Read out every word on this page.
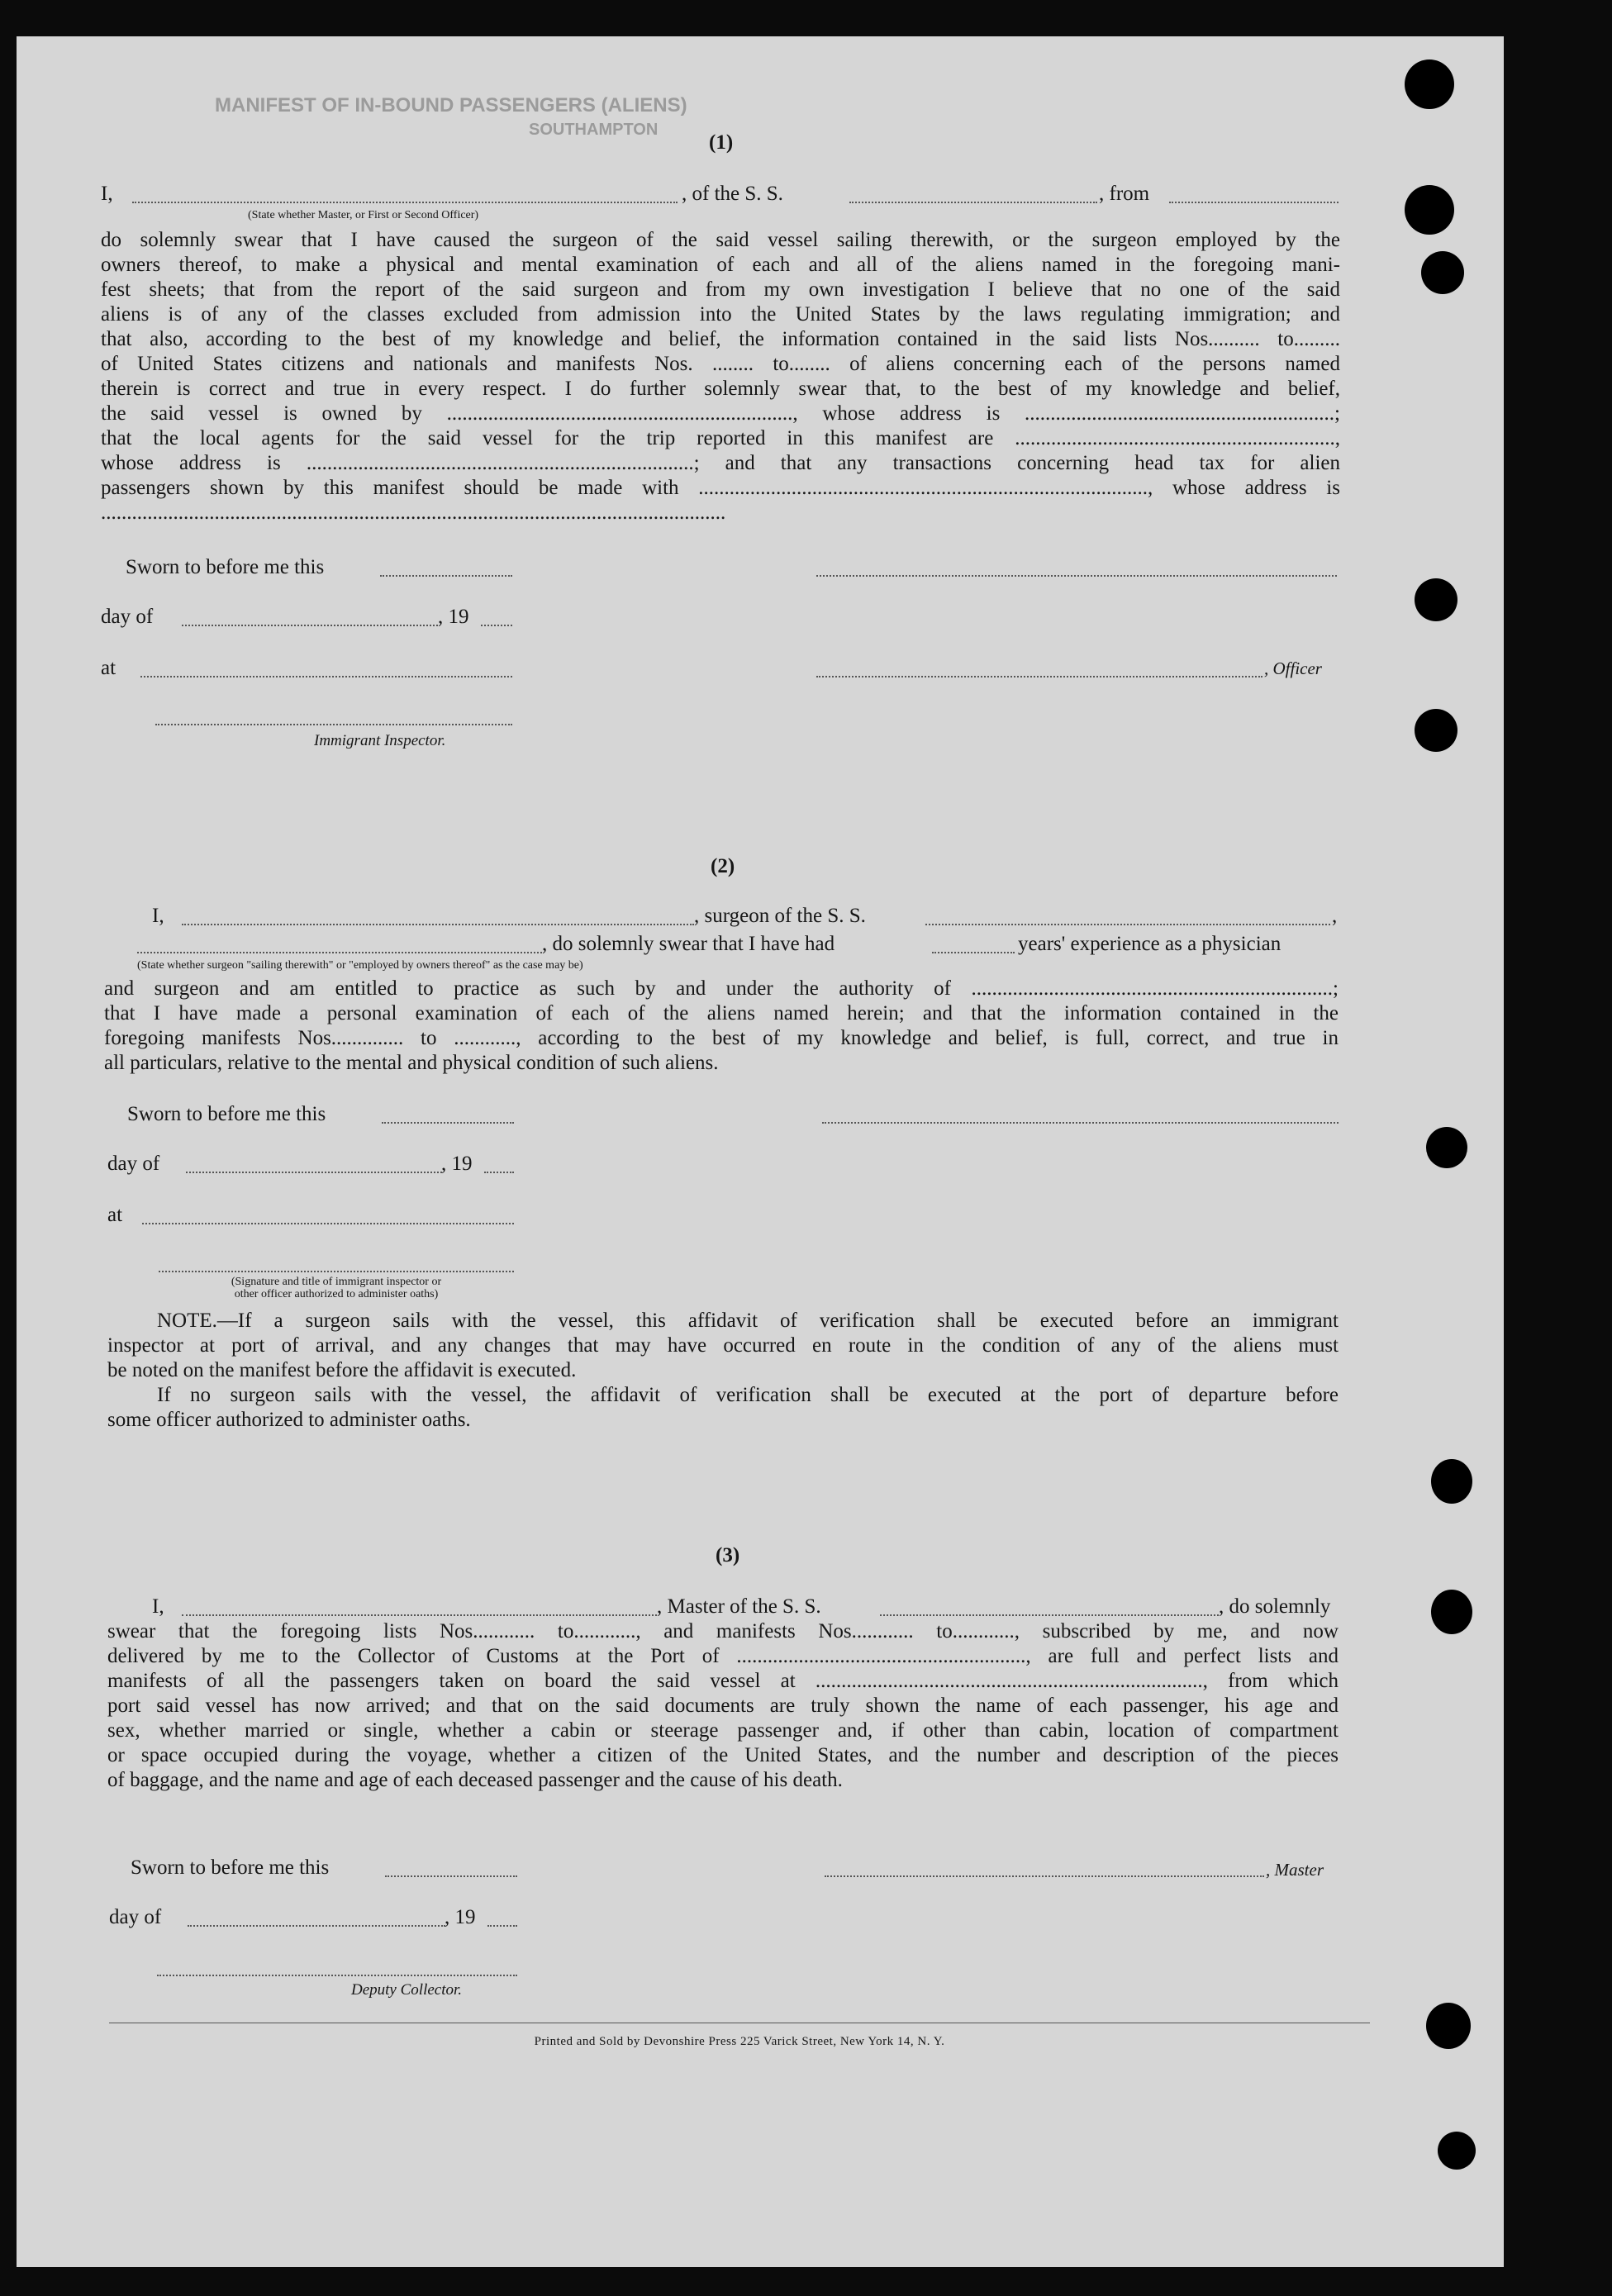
MANIFEST OF IN-BOUND PASSENGERS (ALIENS)
SOUTHAMPTON
(1)
I,	, of the S. S.	, from
(State whether Master, or First or Second Officer)
do solemnly swear that I have caused the surgeon of the said vessel sailing therewith, or the surgeon employed by the
owners thereof, to make a physical and mental examination of each and all of the aliens named in the foregoing mani-
fest sheets; that from the report of the said surgeon and from my own investigation I believe that no one of the said
aliens is of any of the classes excluded from admission into the United States by the laws regulating immigration; and
that also, according to the best of my knowledge and belief, the information contained in the said lists Nos.......... to.........
of United States citizens and nationals and manifests Nos. ........ to........ of aliens concerning each of the persons named
therein is correct and true in every respect. I do further solemnly swear that, to the best of my knowledge and belief,
the said vessel is owned by ..................................................................., whose address is ............................................................;
that the local agents for the said vessel for the trip reported in this manifest are ..............................................................,
whose address is ...........................................................................; and that any transactions concerning head tax for alien
passengers shown by this manifest should be made with ......................................................................................., whose address is
.........................................................................................................................
Sworn to before me this
day of	, 19
at	, Officer
Immigrant Inspector.
(2)
I,	, surgeon of the S. S.	,
, do solemnly swear that I have had	years' experience as a physician
(State whether surgeon "sailing therewith" or "employed by owners thereof" as the case may be)
and surgeon and am entitled to practice as such by and under the authority of ......................................................................;
that I have made a personal examination of each of the aliens named herein; and that the information contained in the
foregoing manifests Nos.............. to ............, according to the best of my knowledge and belief, is full, correct, and true in
all particulars, relative to the mental and physical condition of such aliens.
Sworn to before me this
day of	, 19
at
(Signature and title of immigrant inspector or
other officer authorized to administer oaths)
NOTE.—If a surgeon sails with the vessel, this affidavit of verification shall be executed before an immigrant
inspector at port of arrival, and any changes that may have occurred en route in the condition of any of the aliens must
be noted on the manifest before the affidavit is executed.
If no surgeon sails with the vessel, the affidavit of verification shall be executed at the port of departure before
some officer authorized to administer oaths.
(3)
I,	, Master of the S. S.	, do solemnly
swear that the foregoing lists Nos............ to............, and manifests Nos............ to............, subscribed by me, and now
delivered by me to the Collector of Customs at the Port of ........................................................, are full and perfect lists and
manifests of all the passengers taken on board the said vessel at ..........................................................................., from which
port said vessel has now arrived; and that on the said documents are truly shown the name of each passenger, his age and
sex, whether married or single, whether a cabin or steerage passenger and, if other than cabin, location of compartment
or space occupied during the voyage, whether a citizen of the United States, and the number and description of the pieces
of baggage, and the name and age of each deceased passenger and the cause of his death.
Sworn to before me this	, Master
day of	, 19
Deputy Collector.
Printed and Sold by Devonshire Press 225 Varick Street, New York 14, N. Y.
